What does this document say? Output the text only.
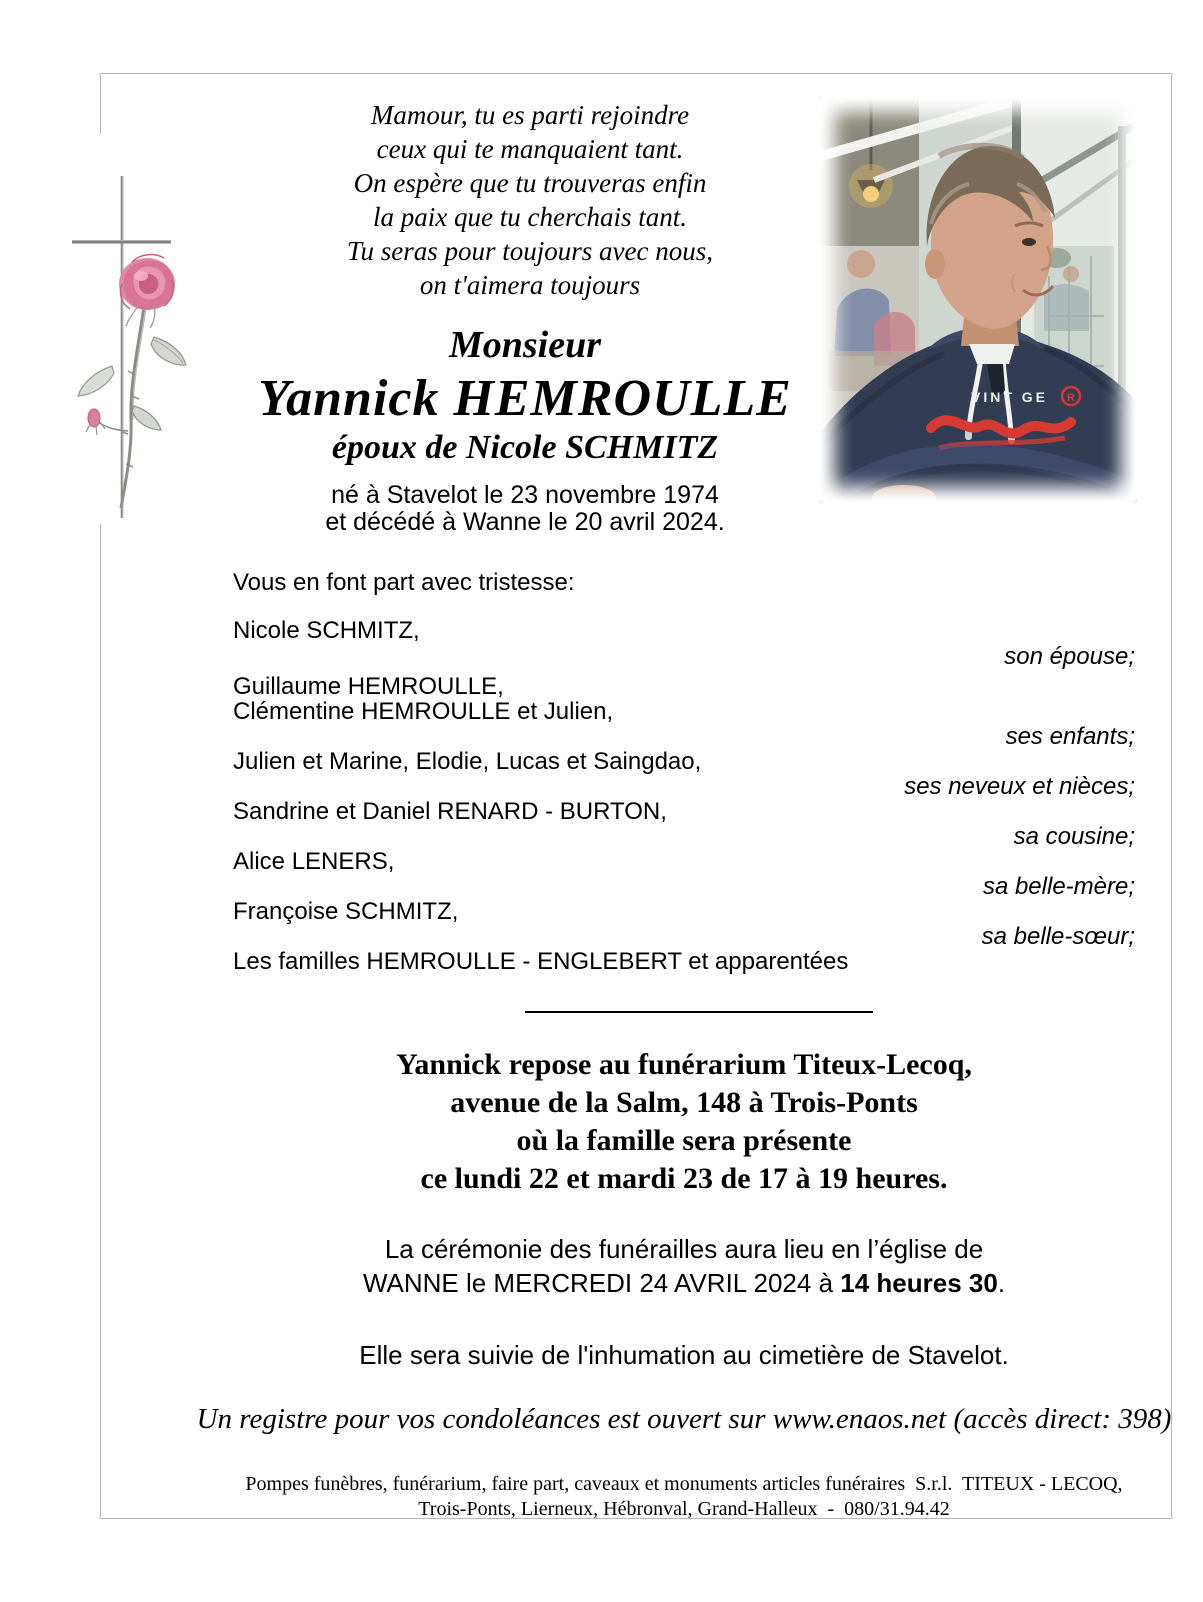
VINT GE R
Mamour, tu es parti rejoindre
ceux qui te manquaient tant.
On espère que tu trouveras enfin
la paix que tu cherchais tant.
Tu seras pour toujours avec nous,
on t'aimera toujours
Monsieur
Yannick HEMROULLE
époux de Nicole SCHMITZ
né à Stavelot le 23 novembre 1974
et décédé à Wanne le 20 avril 2024.
Vous en font part avec tristesse:
Nicole SCHMITZ,
son épouse;
Guillaume HEMROULLE,
Clémentine HEMROULLE et Julien,
ses enfants;
Julien et Marine, Elodie, Lucas et Saingdao,
ses neveux et nièces;
Sandrine et Daniel RENARD - BURTON,
sa cousine;
Alice LENERS,
sa belle-mère;
Françoise SCHMITZ,
sa belle-sœur;
Les familles HEMROULLE - ENGLEBERT et apparentées
Yannick repose au funérarium Titeux-Lecoq,
avenue de la Salm, 148 à Trois-Ponts
où la famille sera présente
ce lundi 22 et mardi 23 de 17 à 19 heures.
La cérémonie des funérailles aura lieu en l’église de
WANNE le MERCREDI 24 AVRIL 2024 à 14 heures 30.
Elle sera suivie de l'inhumation au cimetière de Stavelot.
Un registre pour vos condoléances est ouvert sur www.enaos.net (accès direct: 398)
Pompes funèbres, funérarium, faire part, caveaux et monuments articles funéraires  S.r.l.  TITEUX - LECOQ,
Trois-Ponts, Lierneux, Hébronval, Grand-Halleux  -  080/31.94.42
